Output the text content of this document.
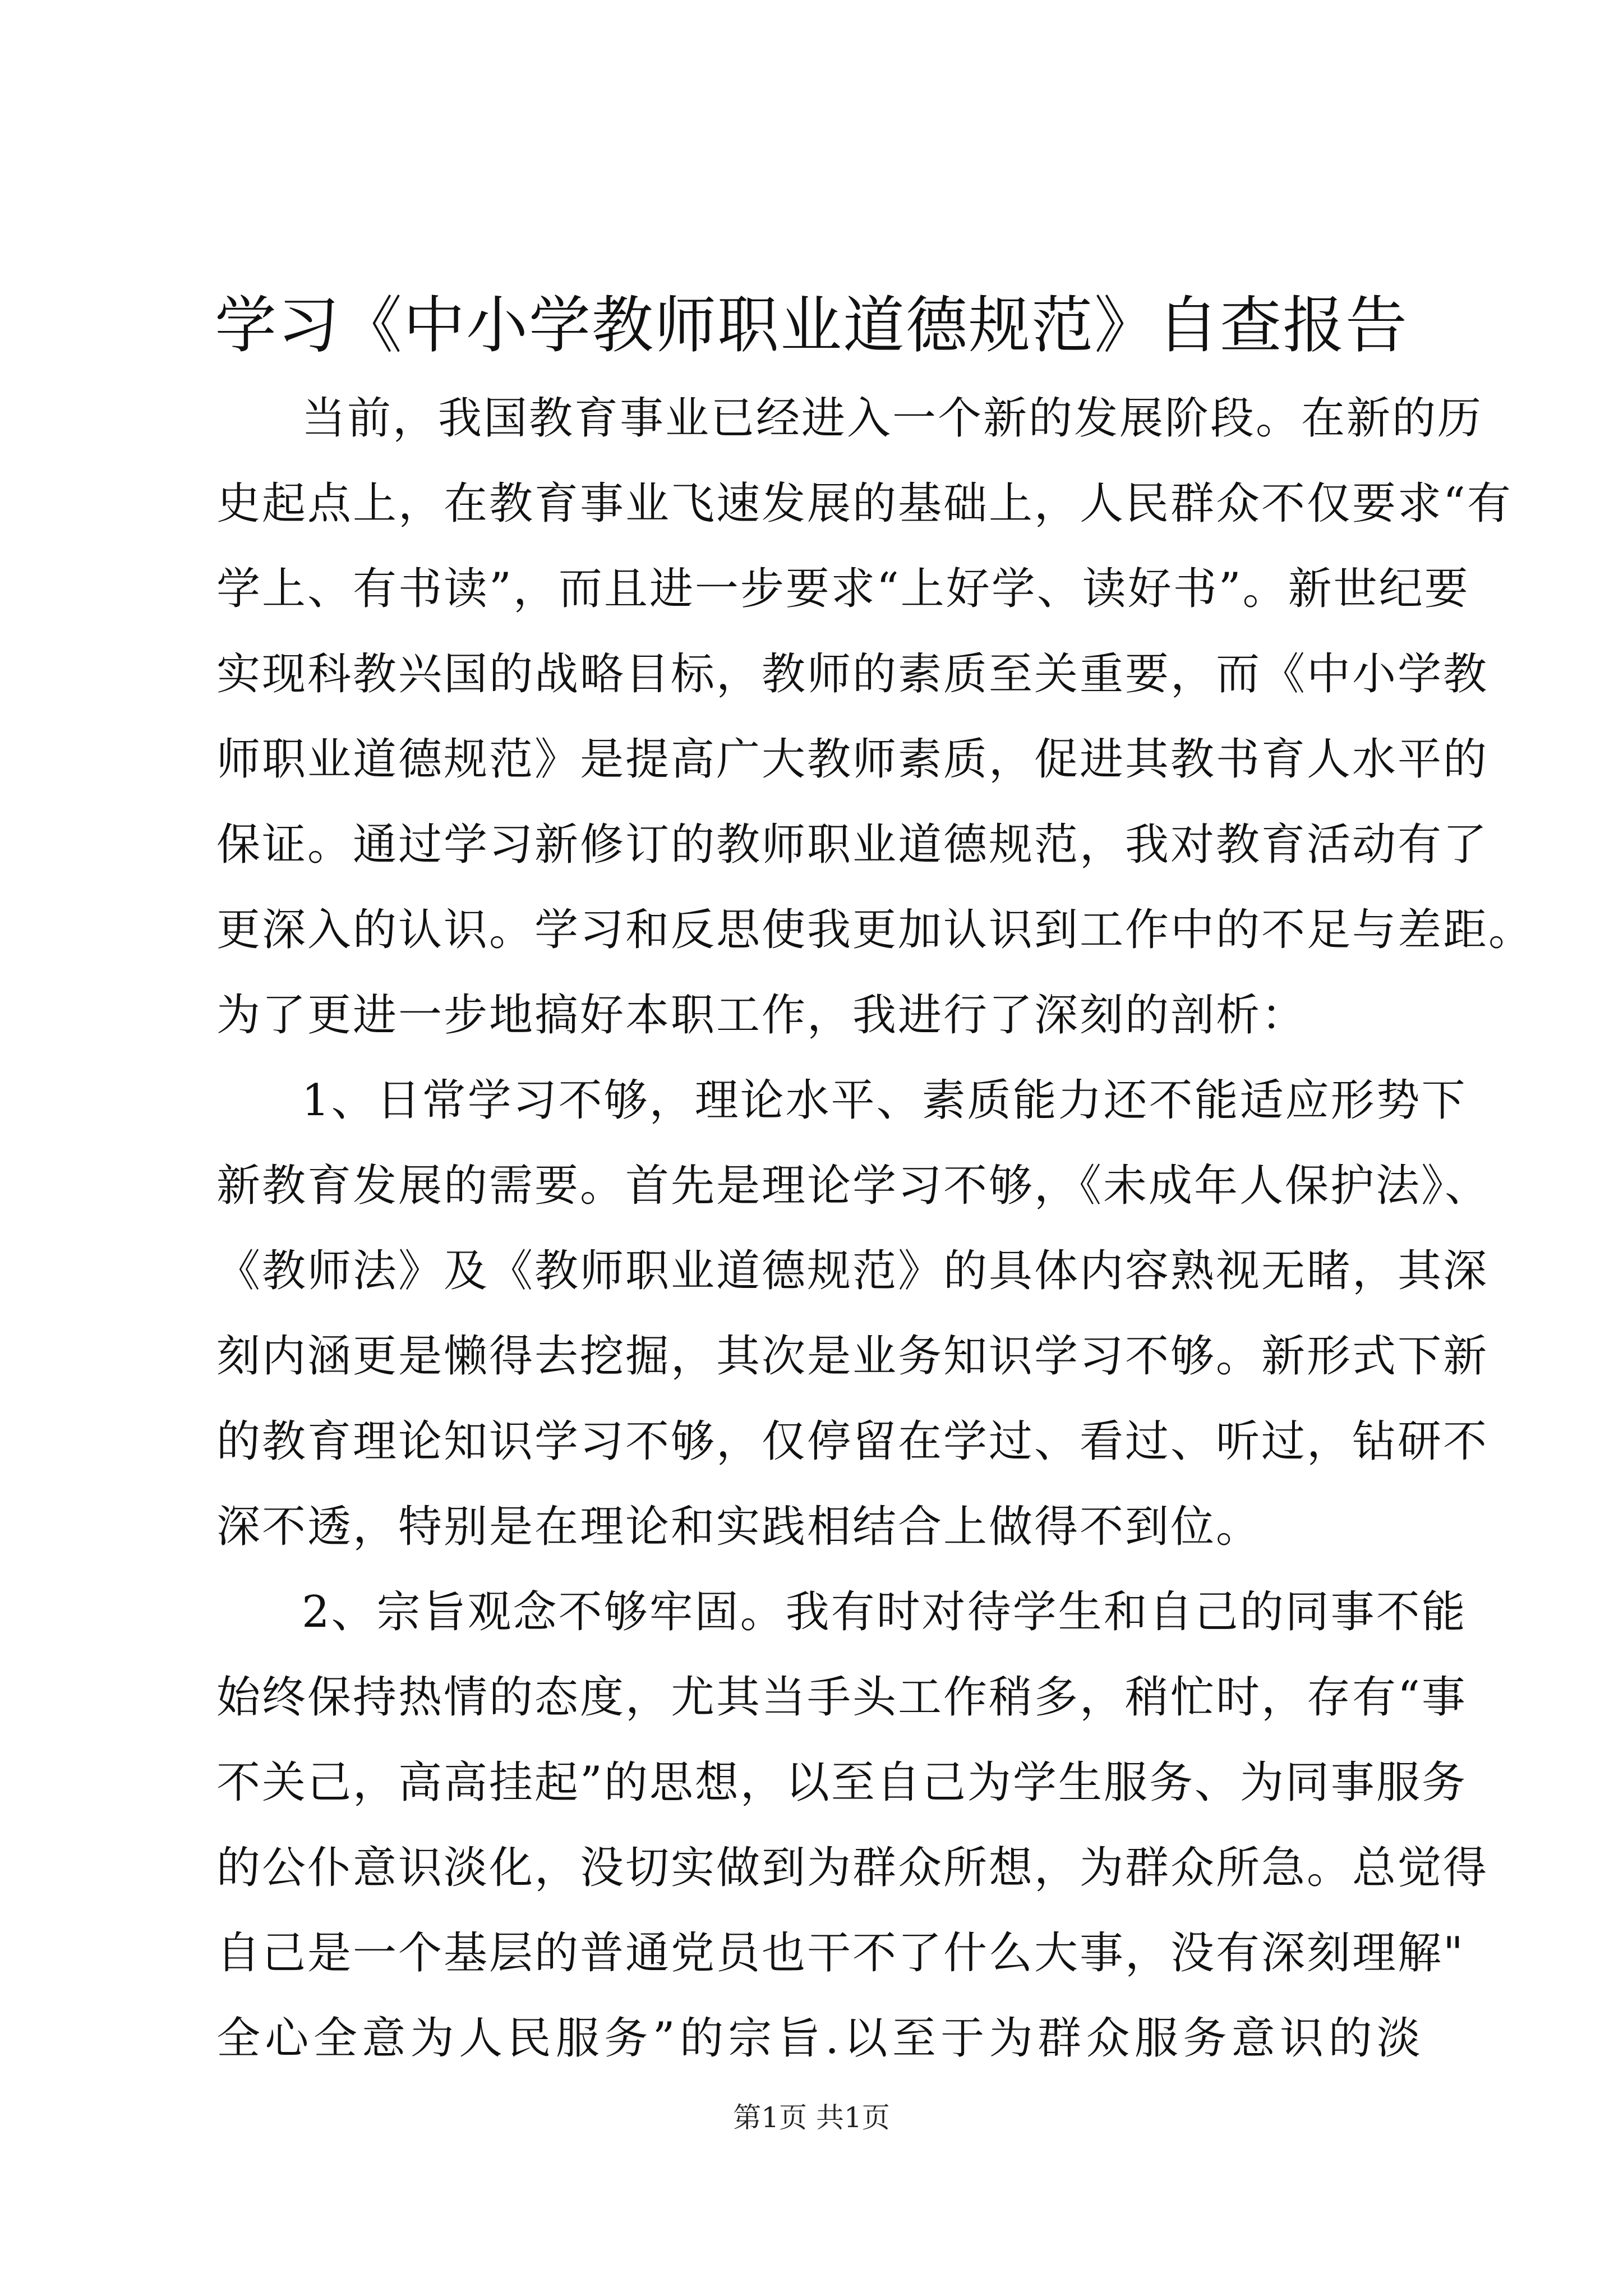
学习《中小学教师职业道德规范》自查报告
当前，我国教育事业已经进入一个新的发展阶段。在新的历
史起点上，在教育事业飞速发展的基础上，人民群众不仅要求“有
学上、有书读”，而且进一步要求“上好学、读好书”。新世纪要
实现科教兴国的战略目标，教师的素质至关重要，而《中小学教
师职业道德规范》是提高广大教师素质，促进其教书育人水平的
保证。通过学习新修订的教师职业道德规范，我对教育活动有了
更深入的认识。学习和反思使我更加认识到工作中的不足与差距。
为了更进一步地搞好本职工作，我进行了深刻的剖析：
1、日常学习不够，理论水平、素质能力还不能适应形势下
新教育发展的需要。首先是理论学习不够，《未成年人保护法》、
《教师法》及《教师职业道德规范》的具体内容熟视无睹，其深
刻内涵更是懒得去挖掘，其次是业务知识学习不够。新形式下新
的教育理论知识学习不够，仅停留在学过、看过、听过，钻研不
深不透，特别是在理论和实践相结合上做得不到位。
2、宗旨观念不够牢固。我有时对待学生和自己的同事不能
始终保持热情的态度，尤其当手头工作稍多，稍忙时，存有“事
不关己，高高挂起”的思想，以至自己为学生服务、为同事服务
的公仆意识淡化，没切实做到为群众所想，为群众所急。总觉得
自己是一个基层的普通党员也干不了什么大事，没有深刻理解"
全心全意为人民服务”的宗旨.以至于为群众服务意识的淡
第1页 共1页
